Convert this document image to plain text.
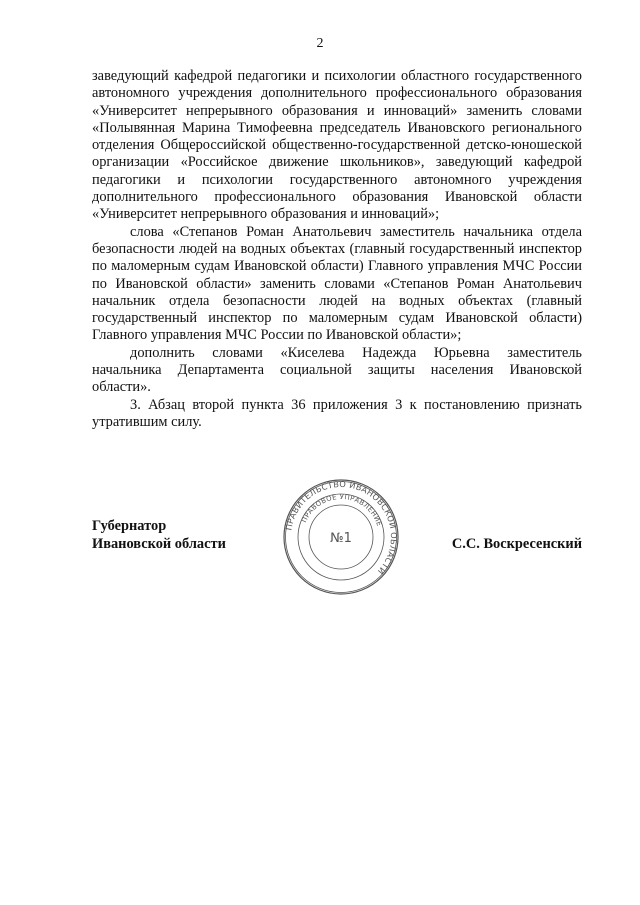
2

заведующий кафедрой педагогики и психологии областного государственного автономного учреждения дополнительного профессионального образования «Университет непрерывного образования и инноваций» заменить словами «Полывянная Марина Тимофеевна председатель Ивановского регионального отделения Общероссийской общественно-государственной детско-юношеской организации «Российское движение школьников», заведующий кафедрой педагогики и психологии государственного автономного учреждения дополнительного профессионального образования Ивановской области «Университет непрерывного образования и инноваций»;

слова «Степанов Роман Анатольевич заместитель начальника отдела безопасности людей на водных объектах (главный государственный инспектор по маломерным судам Ивановской области) Главного управления МЧС России по Ивановской области» заменить словами «Степанов Роман Анатольевич начальник отдела безопасности людей на водных объектах (главный государственный инспектор по маломерным судам Ивановской области) Главного управления МЧС России по Ивановской области»;

дополнить словами «Киселева Надежда Юрьевна заместитель начальника Департамента социальной защиты населения Ивановской области».

3. Абзац второй пункта 36 приложения 3 к постановлению признать утратившим силу.

ПРАВИТЕЛЬСТВО ИВАНОВСКОЙ ОБЛАСТИ
ПРАВОВОЕ УПРАВЛЕНИЕ
№1
Губернатор
Ивановской области	С.С. Воскресенский
